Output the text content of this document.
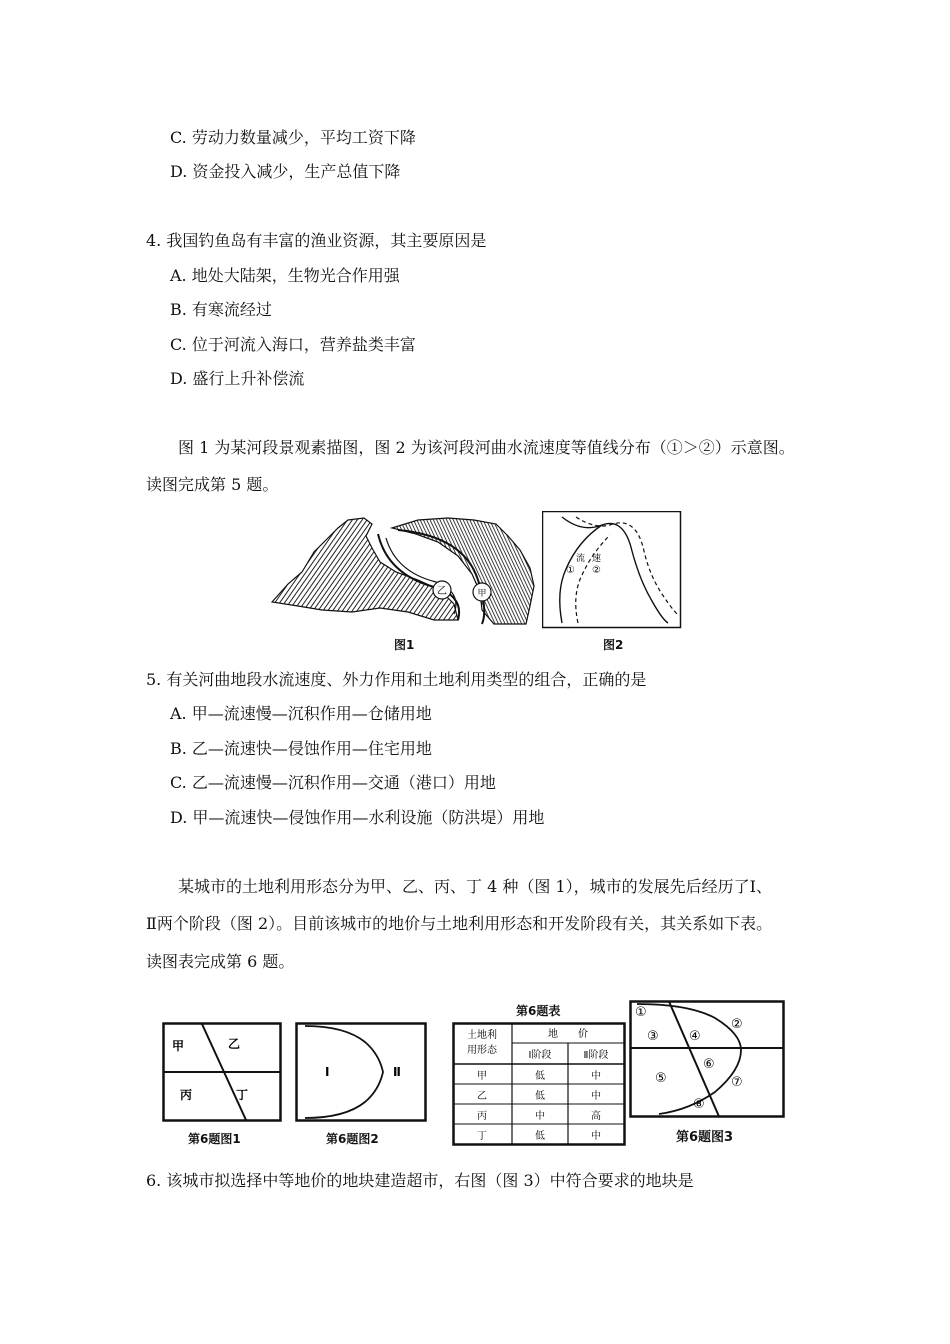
C. 劳动力数量减少，平均工资下降
D. 资金投入减少，生产总值下降
4. 我国钓鱼岛有丰富的渔业资源，其主要原因是
A. 地处大陆架，生物光合作用强
B. 有寒流经过
C. 位于河流入海口，营养盐类丰富
D. 盛行上升补偿流
图 1 为某河段景观素描图，图 2 为该河段河曲水流速度等值线分布（①＞②）示意图。
读图完成第 5 题。
乙	甲
图1
流 速
① ②
图2
5. 有关河曲地段水流速度、外力作用和土地利用类型的组合，正确的是
A. 甲—流速慢—沉积作用—仓储用地
B. 乙—流速快—侵蚀作用—住宅用地
C. 乙—流速慢—沉积作用—交通（港口）用地
D. 甲—流速快—侵蚀作用—水利设施（防洪堤）用地
某城市的土地利用形态分为甲、乙、丙、丁 4 种（图 1），城市的发展先后经历了Ⅰ、
Ⅱ两个阶段（图 2）。目前该城市的地价与土地利用形态和开发阶段有关，其关系如下表。
读图表完成第 6 题。
甲	乙
丙	丁
第6题图1
Ⅰ	Ⅱ
第6题图2
第6题表
土地利
用形态
地　　价
Ⅰ阶段	Ⅱ阶段
甲	低	中
乙	低	中
丙	中	高
丁	低	中
①
②
③ ④
⑤
⑥
⑦
⑧
第6题图3
6. 该城市拟选择中等地价的地块建造超市，右图（图 3）中符合要求的地块是
